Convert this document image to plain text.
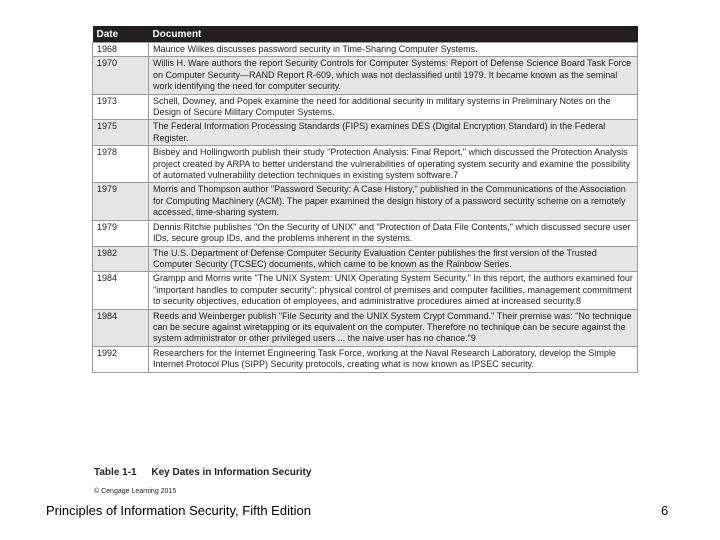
Date	Document
1968	Maurice Wilkes discusses password security in Time-Sharing Computer Systems.
1970	Willis H. Ware authors the report Security Controls for Computer Systems: Report of Defense Science Board Task Force on Computer Security—RAND Report R-609, which was not declassified until 1979. It became known as the seminal work identifying the need for computer security.
1973	Schell, Downey, and Popek examine the need for additional security in military systems in Preliminary Notes on the Design of Secure Military Computer Systems.
1975	The Federal Information Processing Standards (FIPS) examines DES (Digital Encryption Standard) in the Federal Register.
1978	Bisbey and Hollingworth publish their study "Protection Analysis: Final Report," which discussed the Protection Analysis project created by ARPA to better understand the vulnerabilities of operating system security and examine the possibility of automated vulnerability detection techniques in existing system software.7
1979	Morris and Thompson author "Password Security: A Case History," published in the Communications of the Association for Computing Machinery (ACM). The paper examined the design history of a password security scheme on a remotely accessed, time-sharing system.
1979	Dennis Ritchie publishes "On the Security of UNIX" and "Protection of Data File Contents," which discussed secure user IDs, secure group IDs, and the problems inherent in the systems.
1982	The U.S. Department of Defense Computer Security Evaluation Center publishes the first version of the Trusted Computer Security (TCSEC) documents, which came to be known as the Rainbow Series.
1984	Grampp and Morris write "The UNIX System: UNIX Operating System Security." In this report, the authors examined four "important handles to computer security": physical control of premises and computer facilities, management commitment to security objectives, education of employees, and administrative procedures aimed at increased security.8
1984	Reeds and Weinberger publish "File Security and the UNIX System Crypt Command." Their premise was: "No technique can be secure against wiretapping or its equivalent on the computer. Therefore no technique can be secure against the system administrator or other privileged users ... the naive user has no chance."9
1992	Researchers for the Internet Engineering Task Force, working at the Naval Research Laboratory, develop the Simple Internet Protocol Plus (SIPP) Security protocols, creating what is now known as IPSEC security.
Table 1-1 Key Dates in Information Security
© Cengage Learning 2015
Principles of Information Security, Fifth Edition	6
